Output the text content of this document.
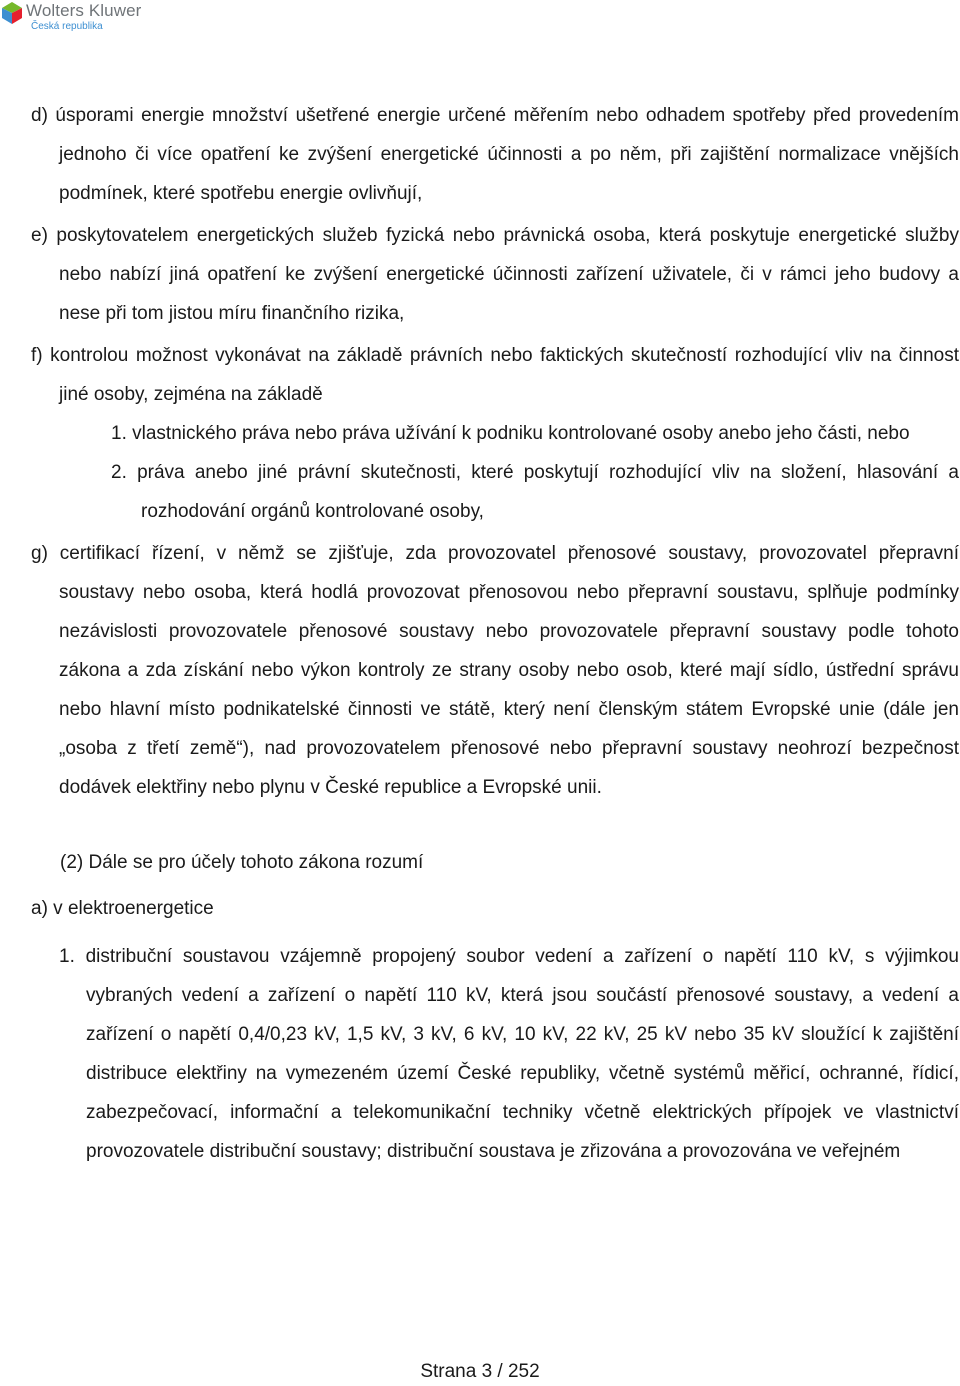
Wolters Kluwer
Česká republika

d) úsporami energie množství ušetřené energie určené měřením nebo odhadem spotřeby před provedením jednoho či více opatření ke zvýšení energetické účinnosti a po něm, při zajištění normalizace vnějších podmínek, které spotřebu energie ovlivňují,

e) poskytovatelem energetických služeb fyzická nebo právnická osoba, která poskytuje energetické služby nebo nabízí jiná opatření ke zvýšení energetické účinnosti zařízení uživatele, či v rámci jeho budovy a nese při tom jistou míru finančního rizika,

f) kontrolou možnost vykonávat na základě právních nebo faktických skutečností rozhodující vliv na činnost jiné osoby, zejména na základě

1. vlastnického práva nebo práva užívání k podniku kontrolované osoby anebo jeho části, nebo

2. práva anebo jiné právní skutečnosti, které poskytují rozhodující vliv na složení, hlasování a rozhodování orgánů kontrolované osoby,

g) certifikací řízení, v němž se zjišťuje, zda provozovatel přenosové soustavy, provozovatel přepravní soustavy nebo osoba, která hodlá provozovat přenosovou nebo přepravní soustavu, splňuje podmínky nezávislosti provozovatele přenosové soustavy nebo provozovatele přepravní soustavy podle tohoto zákona a zda získání nebo výkon kontroly ze strany osoby nebo osob, které mají sídlo, ústřední správu nebo hlavní místo podnikatelské činnosti ve státě, který není členským státem Evropské unie (dále jen „osoba z třetí země“), nad provozovatelem přenosové nebo přepravní soustavy neohrozí bezpečnost dodávek elektřiny nebo plynu v České republice a Evropské unii.

(2) Dále se pro účely tohoto zákona rozumí

a) v elektroenergetice

1. distribuční soustavou vzájemně propojený soubor vedení a zařízení o napětí 110 kV, s výjimkou vybraných vedení a zařízení o napětí 110 kV, která jsou součástí přenosové soustavy, a vedení a zařízení o napětí 0,4/0,23 kV, 1,5 kV, 3 kV, 6 kV, 10 kV, 22 kV, 25 kV nebo 35 kV sloužící k zajištění distribuce elektřiny na vymezeném území České republiky, včetně systémů měřicí, ochranné, řídicí, zabezpečovací, informační a telekomunikační techniky včetně elektrických přípojek ve vlastnictví provozovatele distribuční soustavy; distribuční soustava je zřizována a provozována ve veřejném

Strana 3 / 252
